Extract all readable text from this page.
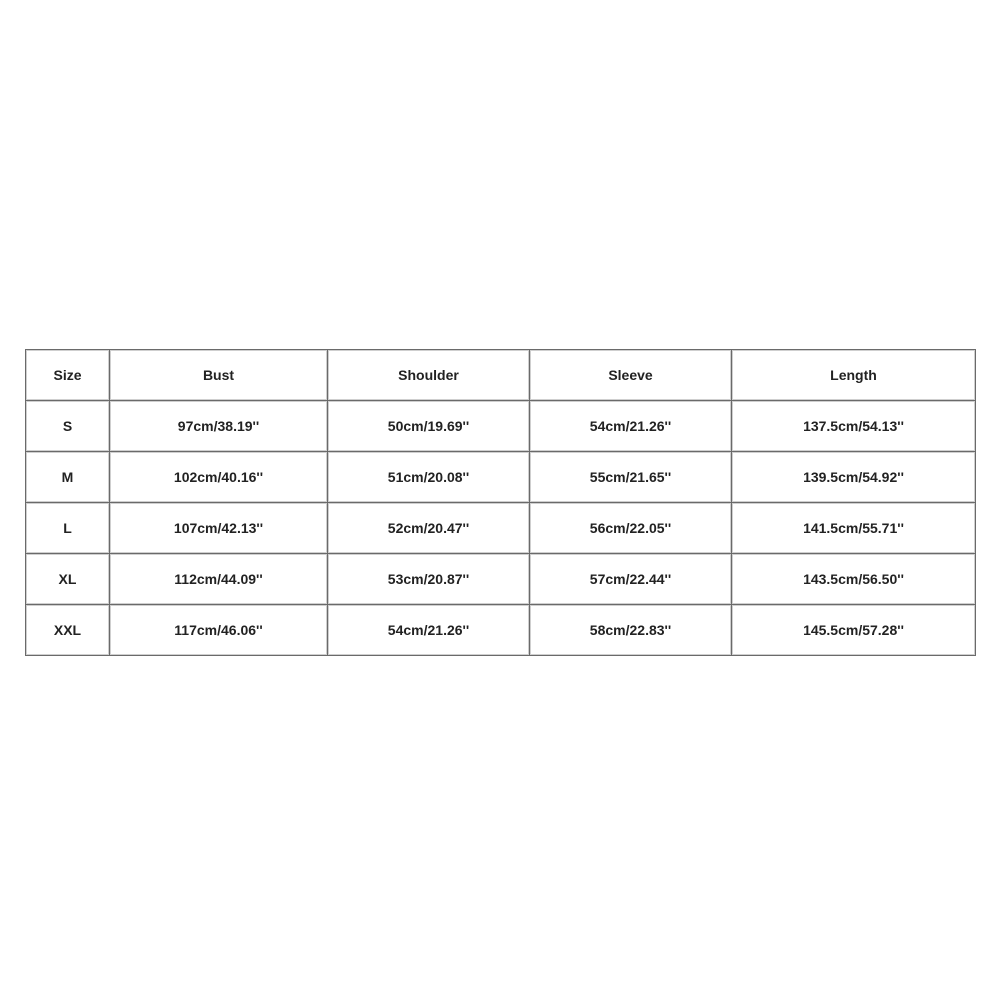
Size	Bust	Shoulder	Sleeve	Length
S	97cm/38.19''	50cm/19.69''	54cm/21.26''	137.5cm/54.13''
M	102cm/40.16''	51cm/20.08''	55cm/21.65''	139.5cm/54.92''
L	107cm/42.13''	52cm/20.47''	56cm/22.05''	141.5cm/55.71''
XL	112cm/44.09''	53cm/20.87''	57cm/22.44''	143.5cm/56.50''
XXL	117cm/46.06''	54cm/21.26''	58cm/22.83''	145.5cm/57.28''
